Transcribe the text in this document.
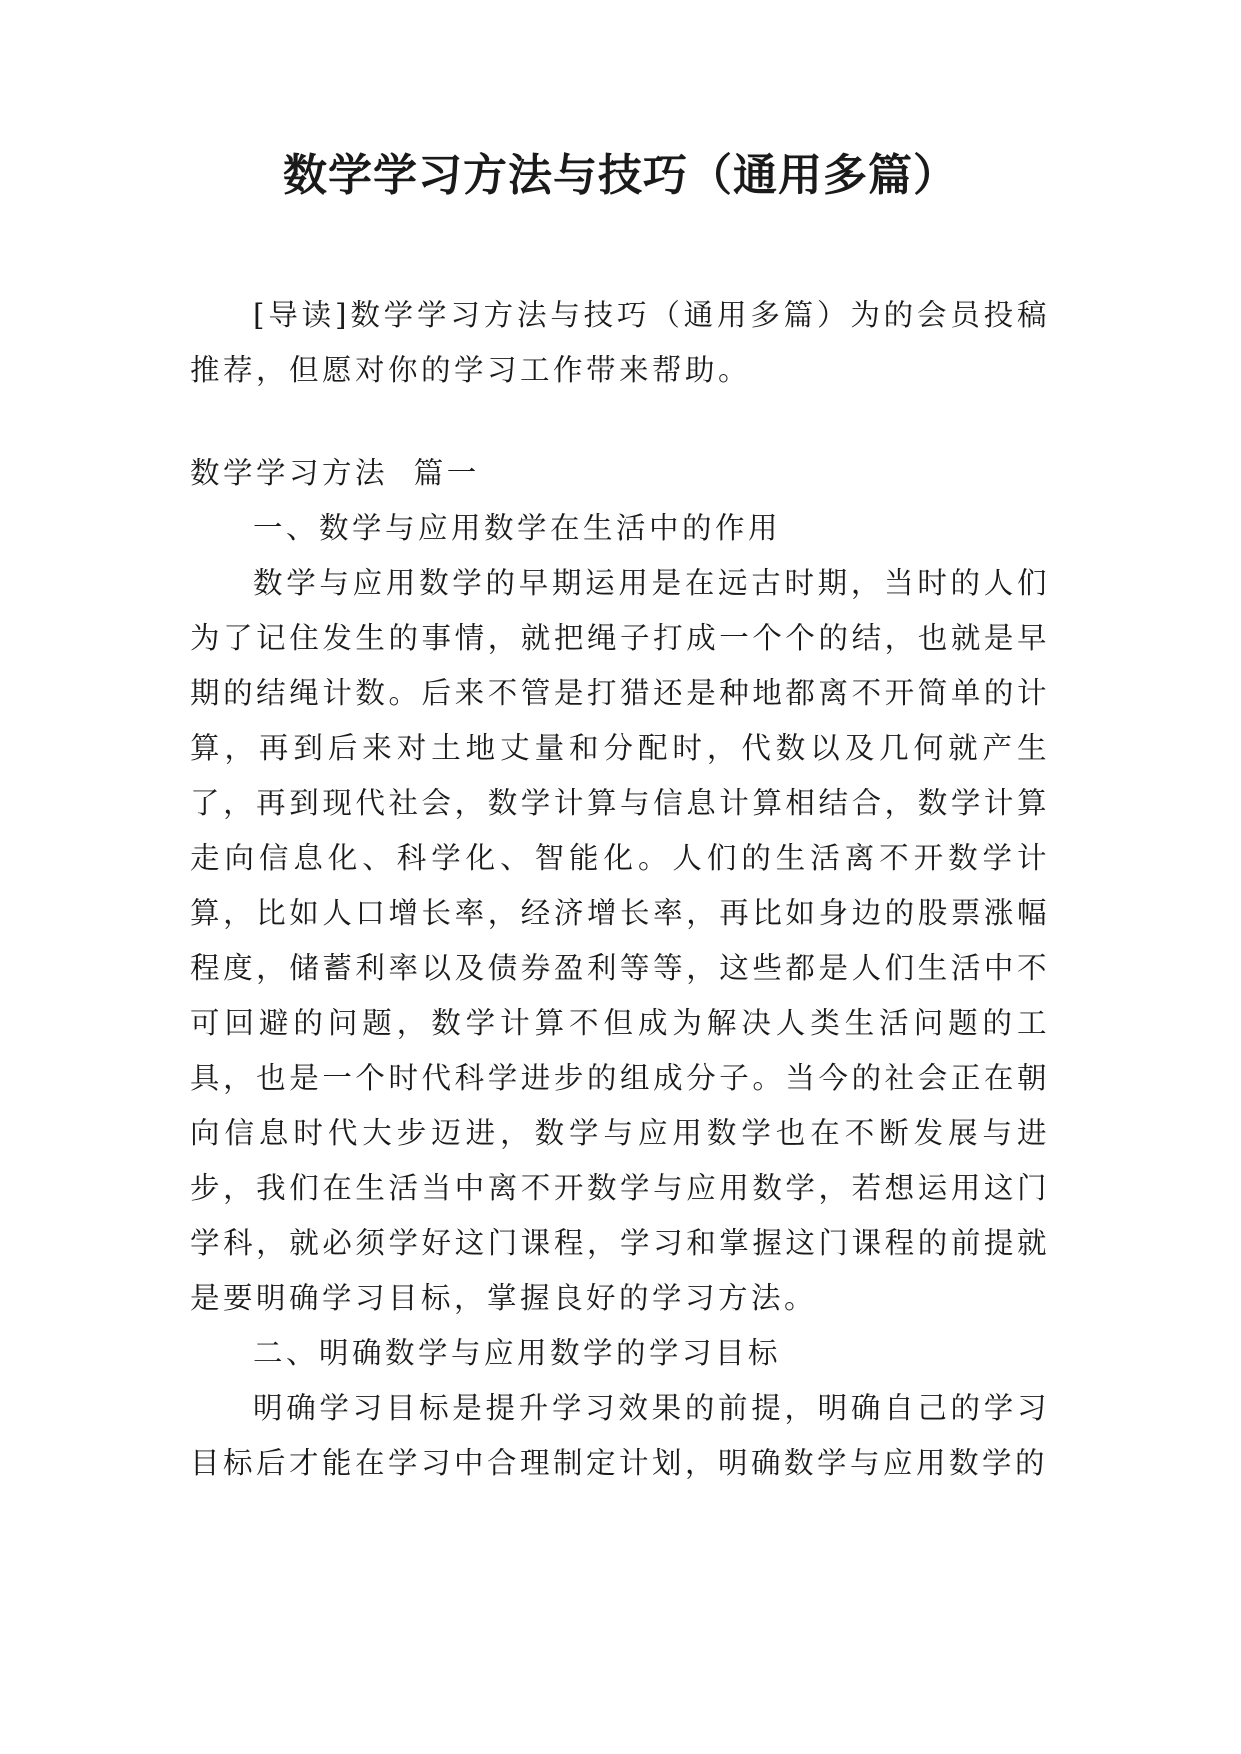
数学学习方法与技巧（通用多篇）

[导读]数学学习方法与技巧（通用多篇）为的会员投稿推荐，但愿对你的学习工作带来帮助。

数学学习方法  篇一

一、数学与应用数学在生活中的作用

数学与应用数学的早期运用是在远古时期，当时的人们为了记住发生的事情，就把绳子打成一个个的结，也就是早期的结绳计数。后来不管是打猎还是种地都离不开简单的计算，再到后来对土地丈量和分配时，代数以及几何就产生了，再到现代社会，数学计算与信息计算相结合，数学计算走向信息化、科学化、智能化。人们的生活离不开数学计算，比如人口增长率，经济增长率，再比如身边的股票涨幅程度，储蓄利率以及债券盈利等等，这些都是人们生活中不可回避的问题，数学计算不但成为解决人类生活问题的工具，也是一个时代科学进步的组成分子。当今的社会正在朝向信息时代大步迈进，数学与应用数学也在不断发展与进步，我们在生活当中离不开数学与应用数学，若想运用这门学科，就必须学好这门课程，学习和掌握这门课程的前提就是要明确学习目标，掌握良好的学习方法。

二、明确数学与应用数学的学习目标

明确学习目标是提升学习效果的前提，明确自己的学习目标后才能在学习中合理制定计划，明确数学与应用数学的
